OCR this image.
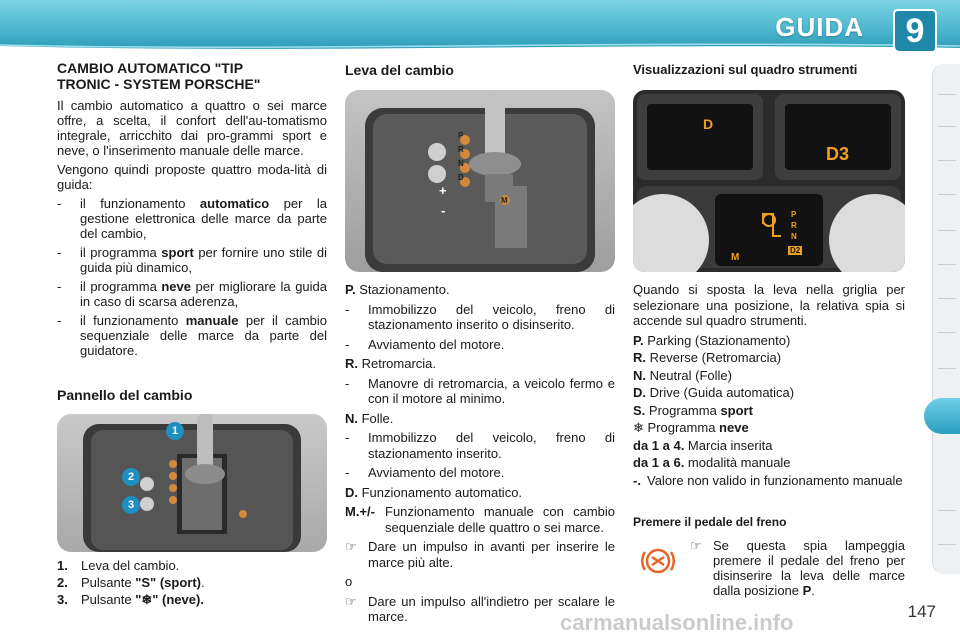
GUIDA	9
CAMBIO AUTOMATICO "TIP
TRONIC - SYSTEM PORSCHE"

Il cambio automatico a quattro o sei marce offre, a scelta, il confort dell'au-tomatismo integrale, arricchito dai pro-grammi sport e neve, o l'inserimento manuale delle marce.

Vengono quindi proposte quattro moda-lità di guida:

-	il funzionamento automatico per la gestione elettronica delle marce da parte del cambio,
-	il programma sport per fornire uno stile di guida più dinamico,
-	il programma neve per migliorare la guida in caso di scarsa aderenza,
-	il funzionamento manuale per il cambio sequenziale delle marce da parte del guidatore.
Pannello del cambio
1
2
3
1.	Leva del cambio.
2.	Pulsante "S" (sport).
3.	Pulsante "❄" (neve).
Leva del cambio
P
R
N
D
+
-
M
P. Stazionamento.
-	Immobilizzo del veicolo, freno di stazionamento inserito o disinserito.
-	Avviamento del motore.
R. Retromarcia.
-	Manovre di retromarcia, a veicolo fermo e con il motore al minimo.
N. Folle.
-	Immobilizzo del veicolo, freno di stazionamento inserito.
-	Avviamento del motore.
D. Funzionamento automatico.
M.+/- Funzionamento manuale con cambio sequenziale delle quattro o sei marce.
☞ Dare un impulso in avanti per inserire le marce più alte.
o
☞ Dare un impulso all'indietro per scalare le marce.
Visualizzazioni sul quadro strumenti
D
D3
M
P
R
N
D2

Quando si sposta la leva nella griglia per selezionare una posizione, la relativa spia si accende sul quadro strumenti.

P. Parking (Stazionamento)
R. Reverse (Retromarcia)
N. Neutral (Folle)
D. Drive (Guida automatica)
S. Programma sport
❄ Programma neve
da 1 a 4. Marcia inserita
da 1 a 6. modalità manuale
-. Valore non valido in funzionamento manuale
Premere il pedale del freno
☞ Se questa spia lampeggia premere il pedale del freno per disinserire la leva delle marce dalla posizione P.
carmanualsonline.info	147
